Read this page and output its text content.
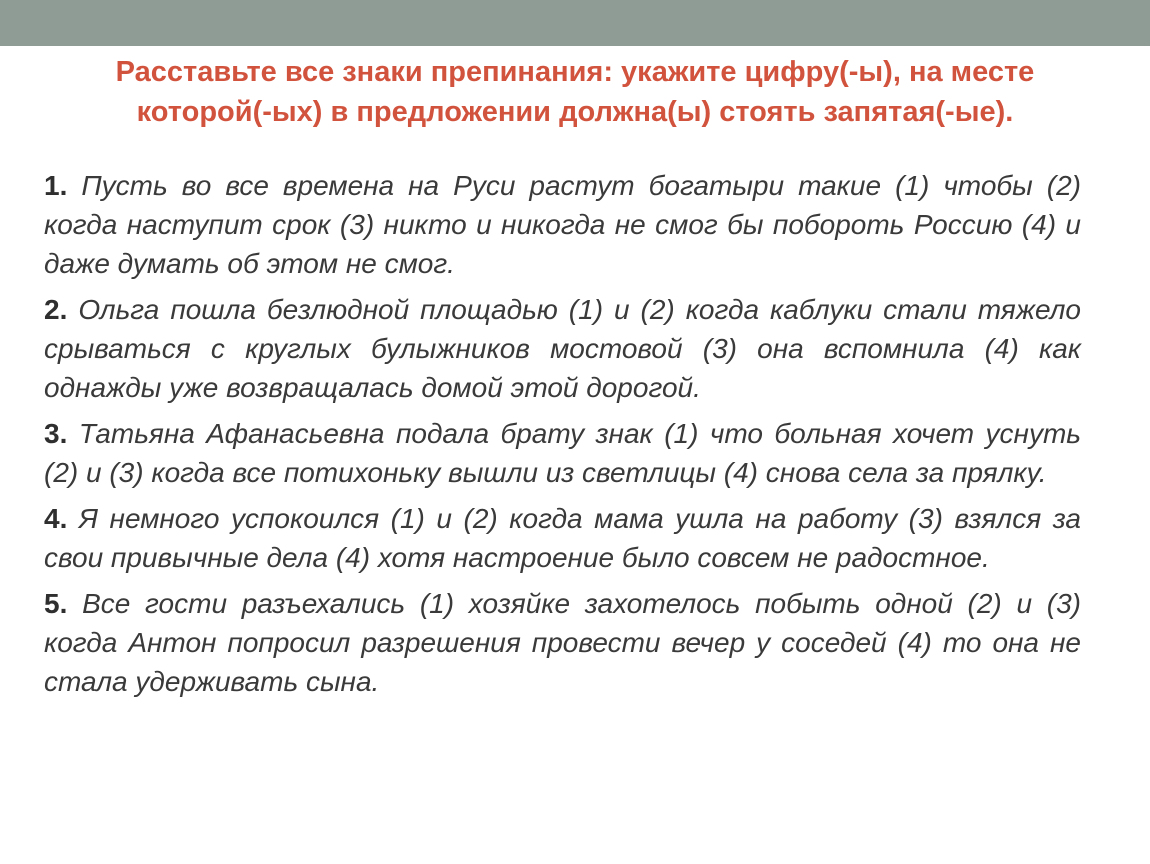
Расставьте все знаки препинания: укажите цифру(-ы), на месте
которой(-ых) в предложении должна(ы) стоять запятая(-ые).
1. Пусть во все времена на Руси растут богатыри такие (1) чтобы (2) когда наступит срок (3) никто и никогда не смог бы побороть Россию (4) и даже думать об этом не смог.
2. Ольга пошла безлюдной площадью (1) и (2) когда каблуки стали тяжело срываться с круглых булыжников мостовой (3) она вспомнила (4) как однажды уже возвращалась домой этой дорогой.
3. Татьяна Афанасьевна подала брату знак (1) что больная хочет уснуть (2) и (3) когда все потихоньку вышли из светлицы (4) снова села за прялку.
4. Я немного успокоился (1) и (2) когда мама ушла на работу (3) взялся за свои привычные дела (4) хотя настроение было совсем не радостное.
5. Все гости разъехались (1) хозяйке захотелось побыть одной (2) и (3) когда Антон попросил разрешения провести вечер у соседей (4) то она не стала удерживать сына.
